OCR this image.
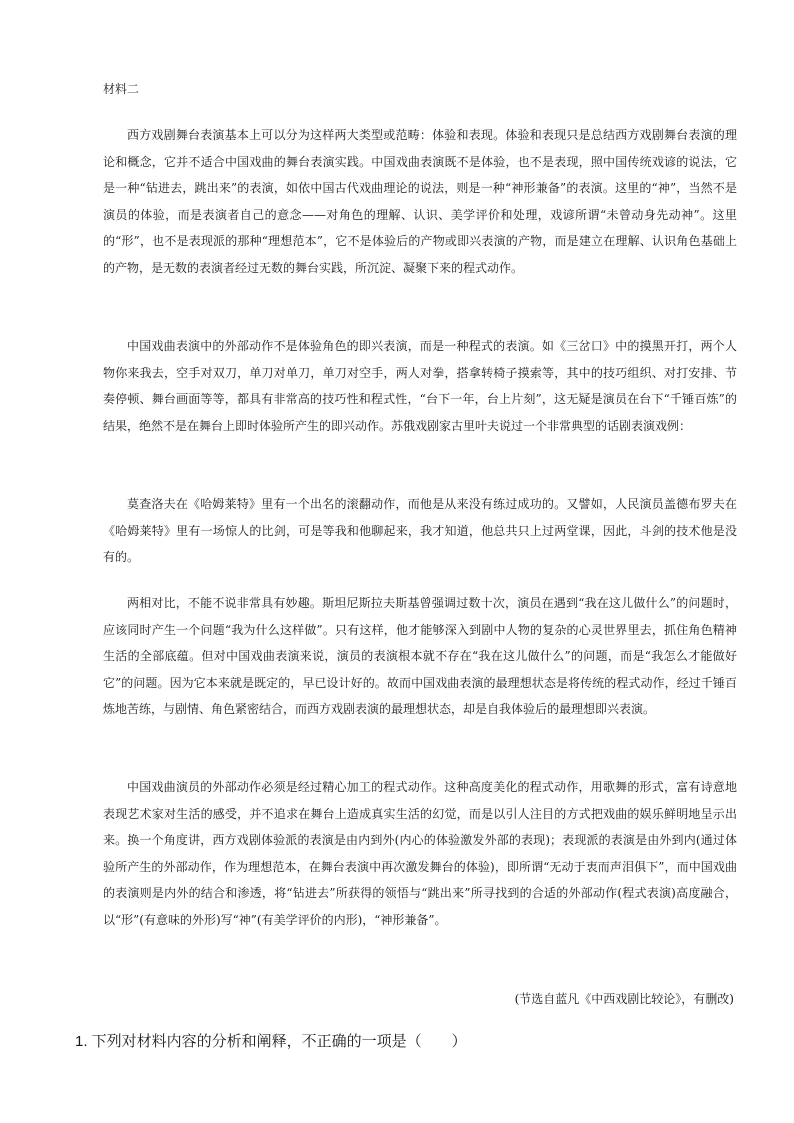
材料二

西方戏剧舞台表演基本上可以分为这样两大类型或范畴：体验和表现。体验和表现只是总结西方戏剧舞台表演的理论和概念，它并不适合中国戏曲的舞台表演实践。中国戏曲表演既不是体验，也不是表现，照中国传统戏谚的说法，它是一种“钻进去，跳出来”的表演，如依中国古代戏曲理论的说法，则是一种“神形兼备”的表演。这里的“神”，当然不是演员的体验，而是表演者自己的意念——对角色的理解、认识、美学评价和处理，戏谚所谓“未曾动身先动神”。这里的“形”，也不是表现派的那种“理想范本”，它不是体验后的产物或即兴表演的产物，而是建立在理解、认识角色基础上的产物，是无数的表演者经过无数的舞台实践，所沉淀、凝聚下来的程式动作。

中国戏曲表演中的外部动作不是体验角色的即兴表演，而是一种程式的表演。如《三岔口》中的摸黑开打，两个人物你来我去，空手对双刀，单刀对单刀，单刀对空手，两人对拳，搭拿转椅子摸索等，其中的技巧组织、对打安排、节奏停顿、舞台画面等等，都具有非常高的技巧性和程式性，“台下一年，台上片刻”，这无疑是演员在台下“千锤百炼”的结果，绝然不是在舞台上即时体验所产生的即兴动作。苏俄戏剧家古里叶夫说过一个非常典型的话剧表演戏例：

莫查洛夫在《哈姆莱特》里有一个出名的滚翻动作，而他是从来没有练过成功的。又譬如，人民演员盖德布罗夫在《哈姆莱特》里有一场惊人的比剑，可是等我和他聊起来，我才知道，他总共只上过两堂课，因此，斗剑的技术他是没有的。

两相对比，不能不说非常具有妙趣。斯坦尼斯拉夫斯基曾强调过数十次，演员在遇到“我在这儿做什么”的问题时，应该同时产生一个问题“我为什么这样做”。只有这样，他才能够深入到剧中人物的复杂的心灵世界里去，抓住角色精神生活的全部底蕴。但对中国戏曲表演来说，演员的表演根本就不存在“我在这儿做什么”的问题，而是“我怎么才能做好它”的问题。因为它本来就是既定的，早已设计好的。故而中国戏曲表演的最理想状态是将传统的程式动作，经过千锤百炼地苦练，与剧情、角色紧密结合，而西方戏剧表演的最理想状态，却是自我体验后的最理想即兴表演。

中国戏曲演员的外部动作必须是经过精心加工的程式动作。这种高度美化的程式动作，用歌舞的形式，富有诗意地表现艺术家对生活的感受，并不追求在舞台上造成真实生活的幻觉，而是以引人注目的方式把戏曲的娱乐鲜明地呈示出来。换一个角度讲，西方戏剧体验派的表演是由内到外(内心的体验激发外部的表现)；表现派的表演是由外到内(通过体验所产生的外部动作，作为理想范本，在舞台表演中再次激发舞台的体验)，即所谓“无动于衷而声泪俱下”，而中国戏曲的表演则是内外的结合和渗透，将“钻进去”所获得的领悟与“跳出来”所寻找到的合适的外部动作(程式表演)高度融合，以“形”(有意味的外形)写“神”(有美学评价的内形)，“神形兼备”。

(节选自蓝凡《中西戏剧比较论》，有删改)
1. 下列对材料内容的分析和阐释，不正确的一项是（　　）
